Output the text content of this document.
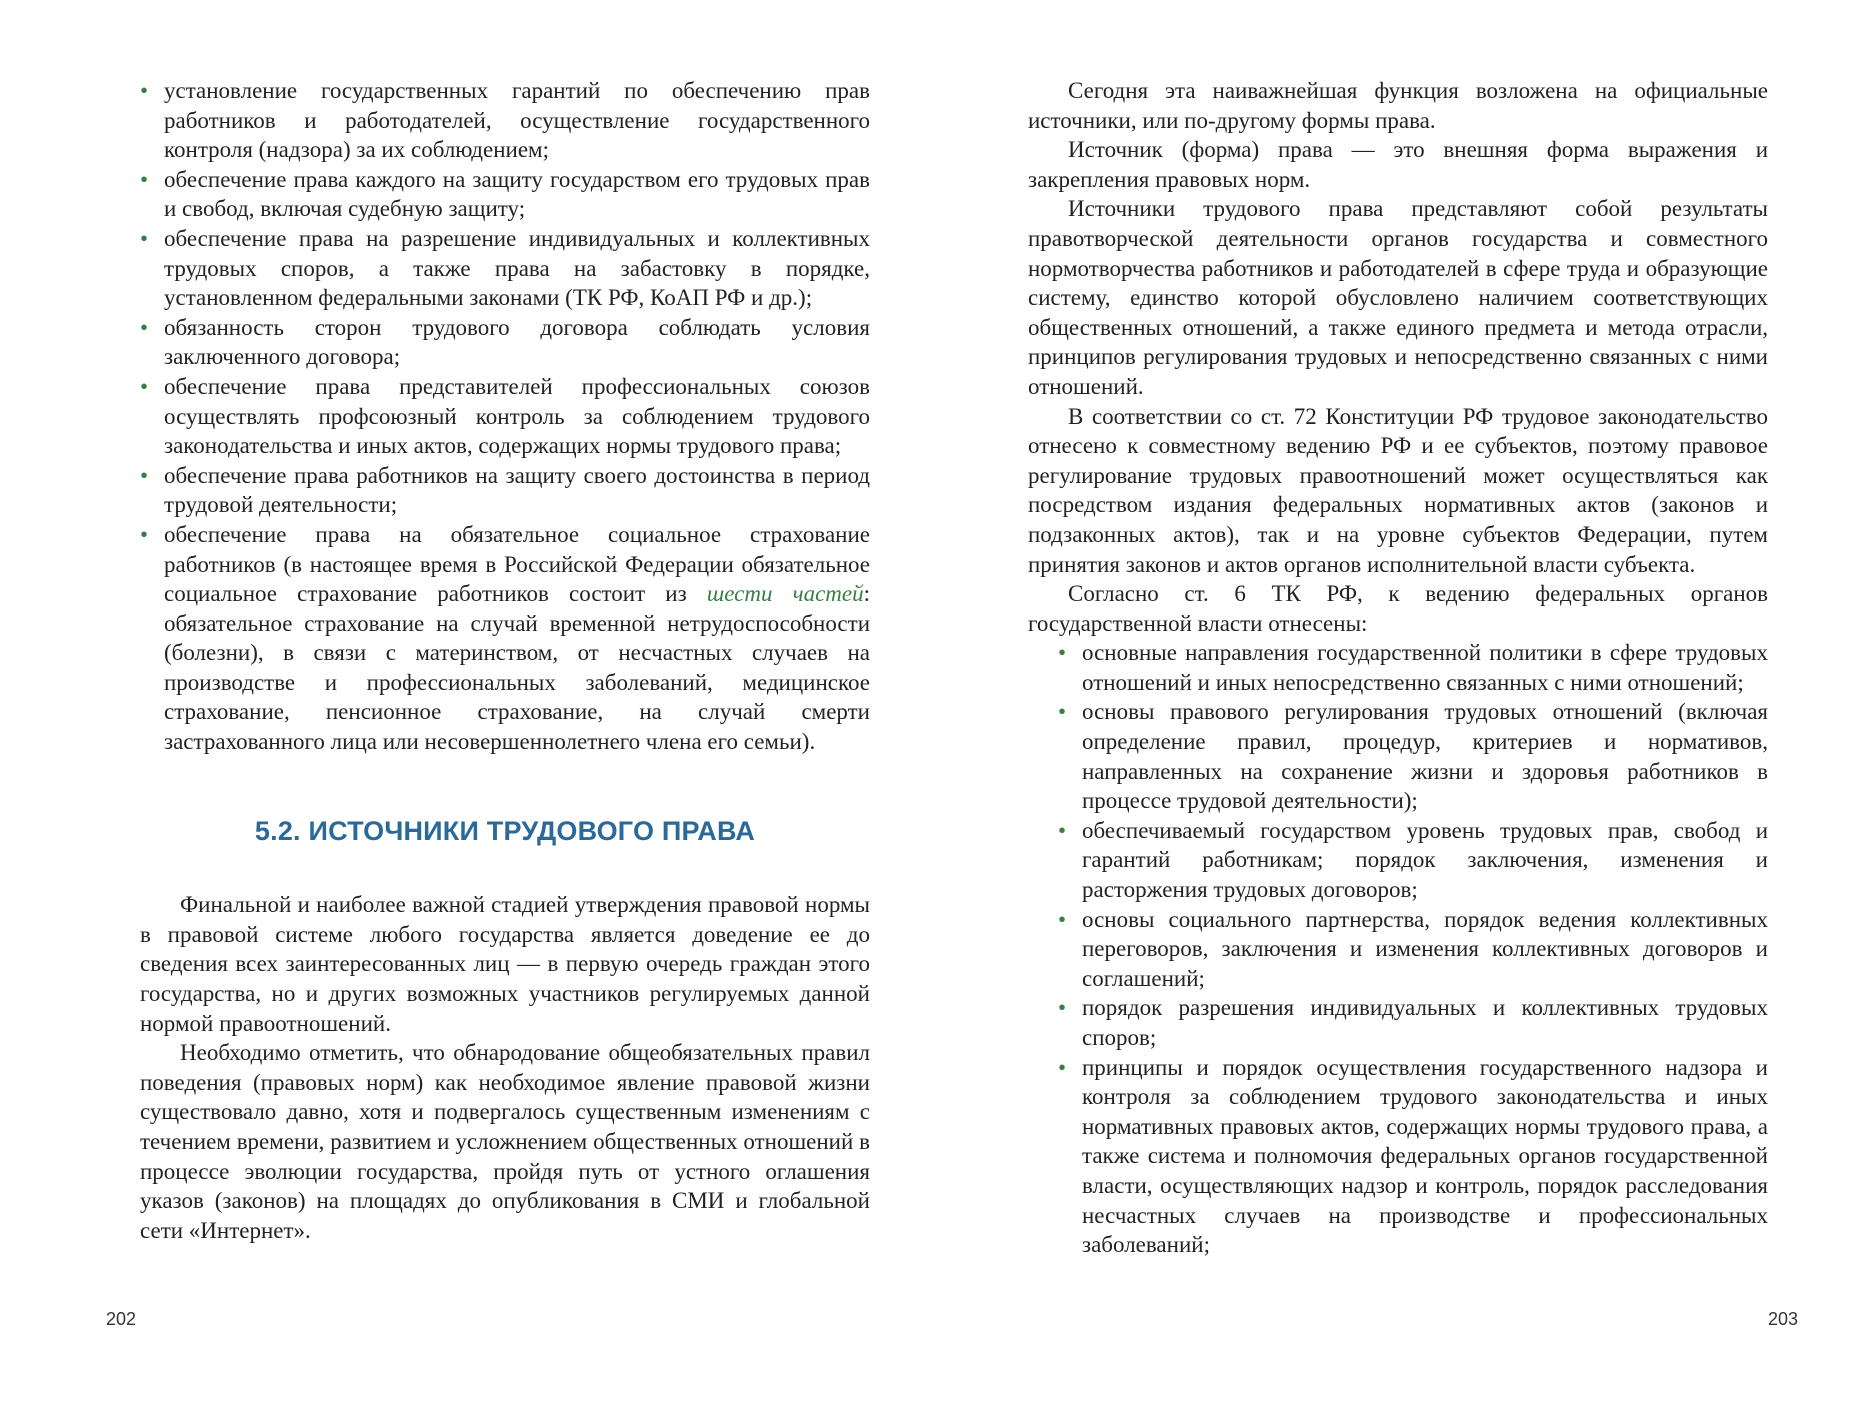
• установление государственных гарантий по обеспечению прав работников и работодателей, осуществление государственного контроля (надзора) за их соблюдением;
• обеспечение права каждого на защиту государством его трудовых прав и свобод, включая судебную защиту;
• обеспечение права на разрешение индивидуальных и коллективных трудовых споров, а также права на забастовку в порядке, установленном федеральными законами (ТК РФ, КоАП РФ и др.);
• обязанность сторон трудового договора соблюдать условия заключенного договора;
• обеспечение права представителей профессиональных союзов осуществлять профсоюзный контроль за соблюдением трудового законодательства и иных актов, содержащих нормы трудового права;
• обеспечение права работников на защиту своего достоинства в период трудовой деятельности;
• обеспечение права на обязательное социальное страхование работников (в настоящее время в Российской Федерации обязательное социальное страхование работников состоит из шести частей: обязательное страхование на случай временной нетрудоспособности (болезни), в связи с материнством, от несчастных случаев на производстве и профессиональных заболеваний, медицинское страхование, пенсионное страхование, на случай смерти застрахованного лица или несовершеннолетнего члена его семьи).
5.2. ИСТОЧНИКИ ТРУДОВОГО ПРАВА

Финальной и наиболее важной стадией утверждения правовой нормы в правовой системе любого государства является доведение ее до сведения всех заинтересованных лиц — в первую очередь граждан этого государства, но и других возможных участников регулируемых данной нормой правоотношений.

Необходимо отметить, что обнародование общеобязательных правил поведения (правовых норм) как необходимое явление правовой жизни существовало давно, хотя и подвергалось существенным изменениям с течением времени, развитием и усложнением общественных отношений в процессе эволюции государства, пройдя путь от устного оглашения указов (законов) на площадях до опубликования в СМИ и глобальной сети «Интернет».

202

Сегодня эта наиважнейшая функция возложена на официальные источники, или по-другому формы права.

Источник (форма) права — это внешняя форма выражения и закрепления правовых норм.

Источники трудового права представляют собой результаты правотворческой деятельности органов государства и совместного нормотворчества работников и работодателей в сфере труда и образующие систему, единство которой обусловлено наличием соответствующих общественных отношений, а также единого предмета и метода отрасли, принципов регулирования трудовых и непосредственно связанных с ними отношений.

В соответствии со ст. 72 Конституции РФ трудовое законодательство отнесено к совместному ведению РФ и ее субъектов, поэтому правовое регулирование трудовых правоотношений может осуществляться как посредством издания федеральных нормативных актов (законов и подзаконных актов), так и на уровне субъектов Федерации, путем принятия законов и актов органов исполнительной власти субъекта.

Согласно ст. 6 ТК РФ, к ведению федеральных органов государственной власти отнесены:

• основные направления государственной политики в сфере трудовых отношений и иных непосредственно связанных с ними отношений;
• основы правового регулирования трудовых отношений (включая определение правил, процедур, критериев и нормативов, направленных на сохранение жизни и здоровья работников в процессе трудовой деятельности);
• обеспечиваемый государством уровень трудовых прав, свобод и гарантий работникам; порядок заключения, изменения и расторжения трудовых договоров;
• основы социального партнерства, порядок ведения коллективных переговоров, заключения и изменения коллективных договоров и соглашений;
• порядок разрешения индивидуальных и коллективных трудовых споров;
• принципы и порядок осуществления государственного надзора и контроля за соблюдением трудового законодательства и иных нормативных правовых актов, содержащих нормы трудового права, а также система и полномочия федеральных органов государственной власти, осуществляющих надзор и контроль, порядок расследования несчастных случаев на производстве и профессиональных заболеваний;
203
